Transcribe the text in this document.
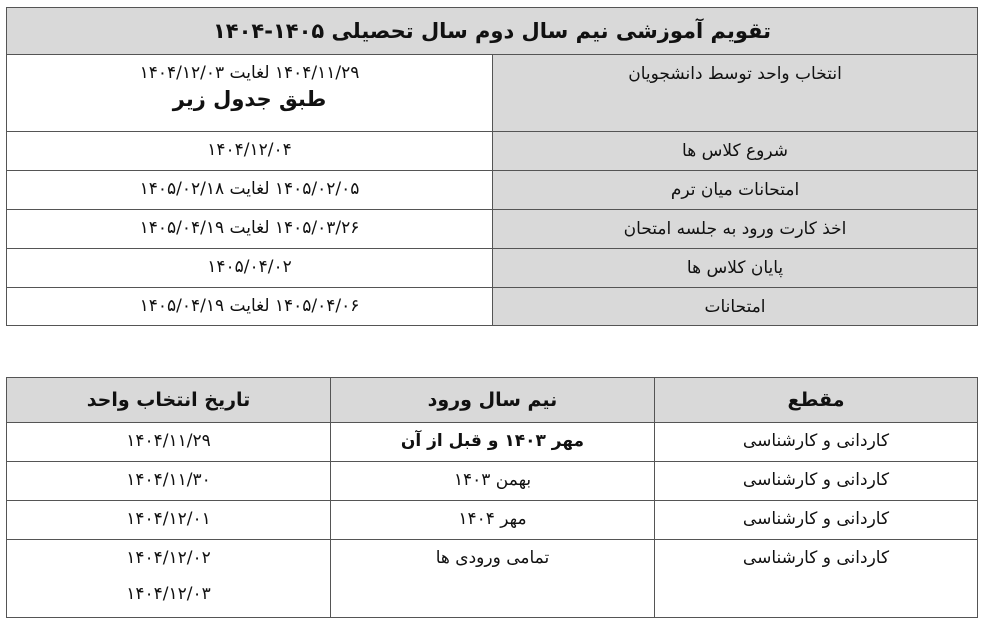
تقویم آموزشی نیم سال دوم سال تحصیلی ۱۴۰۵-۱۴۰۴	
انتخاب واحد توسط دانشجویان	۱۴۰۴/۱۱/۲۹ لغایت ۱۴۰۴/۱۲/۰۳
طبق جدول زیر

شروع کلاس ها	۱۴۰۴/۱۲/۰۴
امتحانات میان ترم	۱۴۰۵/۰۲/۰۵ لغایت ۱۴۰۵/۰۲/۱۸
اخذ کارت ورود به جلسه امتحان	۱۴۰۵/۰۳/۲۶ لغایت ۱۴۰۵/۰۴/۱۹
پایان کلاس ها	۱۴۰۵/۰۴/۰۲
امتحانات	۱۴۰۵/۰۴/۰۶ لغایت ۱۴۰۵/۰۴/۱۹
مقطع	نیم سال ورود	تاریخ انتخاب واحد
کاردانی و کارشناسی	مهر ۱۴۰۳ و قبل از آن	۱۴۰۴/۱۱/۲۹
کاردانی و کارشناسی	بهمن ۱۴۰۳	۱۴۰۴/۱۱/۳۰
کاردانی و کارشناسی	مهر ۱۴۰۴	۱۴۰۴/۱۲/۰۱
کاردانی و کارشناسی	تمامی ورودی ها	۱۴۰۴/۱۲/۰۲
۱۴۰۴/۱۲/۰۳
